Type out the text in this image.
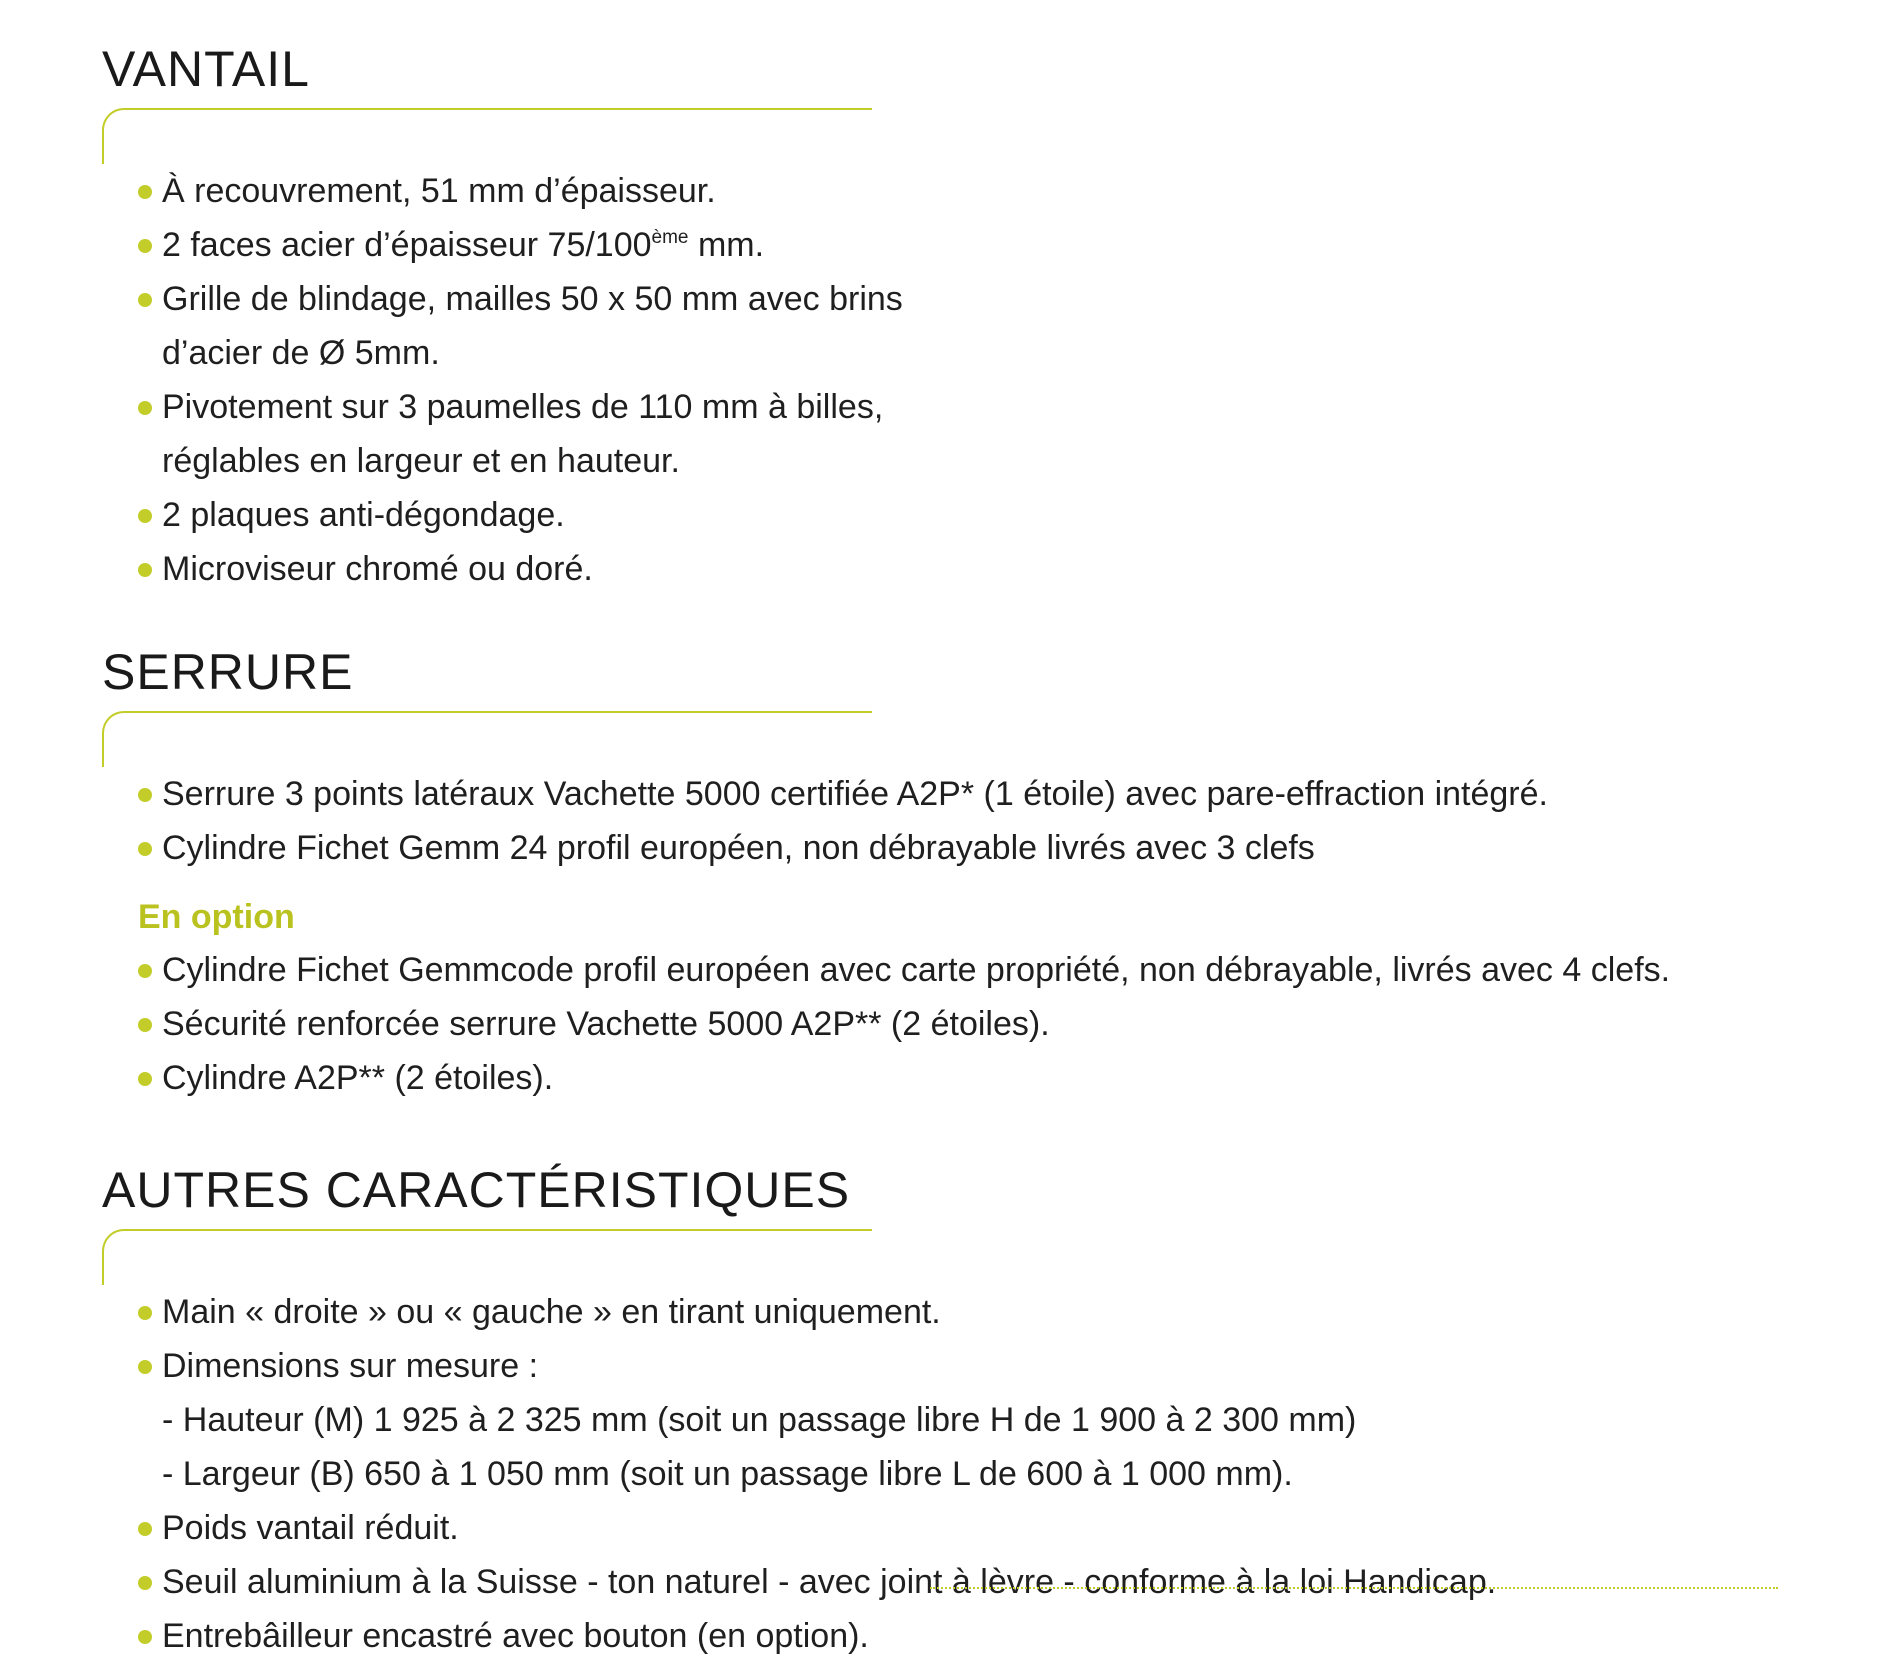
VANTAIL
À recouvrement, 51 mm d’épaisseur.
2 faces acier d’épaisseur 75/100ème mm.
Grille de blindage, mailles 50 x 50 mm avec brins
d’acier de Ø 5mm.
Pivotement sur 3 paumelles de 110 mm à billes,
réglables en largeur et en hauteur.
2 plaques anti-dégondage.
Microviseur chromé ou doré.
SERRURE
Serrure 3 points latéraux Vachette 5000 certifiée A2P* (1 étoile) avec pare-effraction intégré.
Cylindre Fichet Gemm 24 profil européen, non débrayable livrés avec 3 clefs
En option
Cylindre Fichet Gemmcode profil européen avec carte propriété, non débrayable, livrés avec 4 clefs.
Sécurité renforcée serrure Vachette 5000 A2P** (2 étoiles).
Cylindre A2P** (2 étoiles).
AUTRES CARACTÉRISTIQUES
Main « droite » ou « gauche » en tirant uniquement.
Dimensions sur mesure :
- Hauteur (M) 1 925 à 2 325 mm (soit un passage libre H de 1 900 à 2 300 mm)
- Largeur (B) 650 à 1 050 mm (soit un passage libre L de 600 à 1 000 mm).
Poids vantail réduit.
Seuil aluminium à la Suisse - ton naturel - avec joint à lèvre - conforme à la loi Handicap.
Entrebâilleur encastré avec bouton (en option).
